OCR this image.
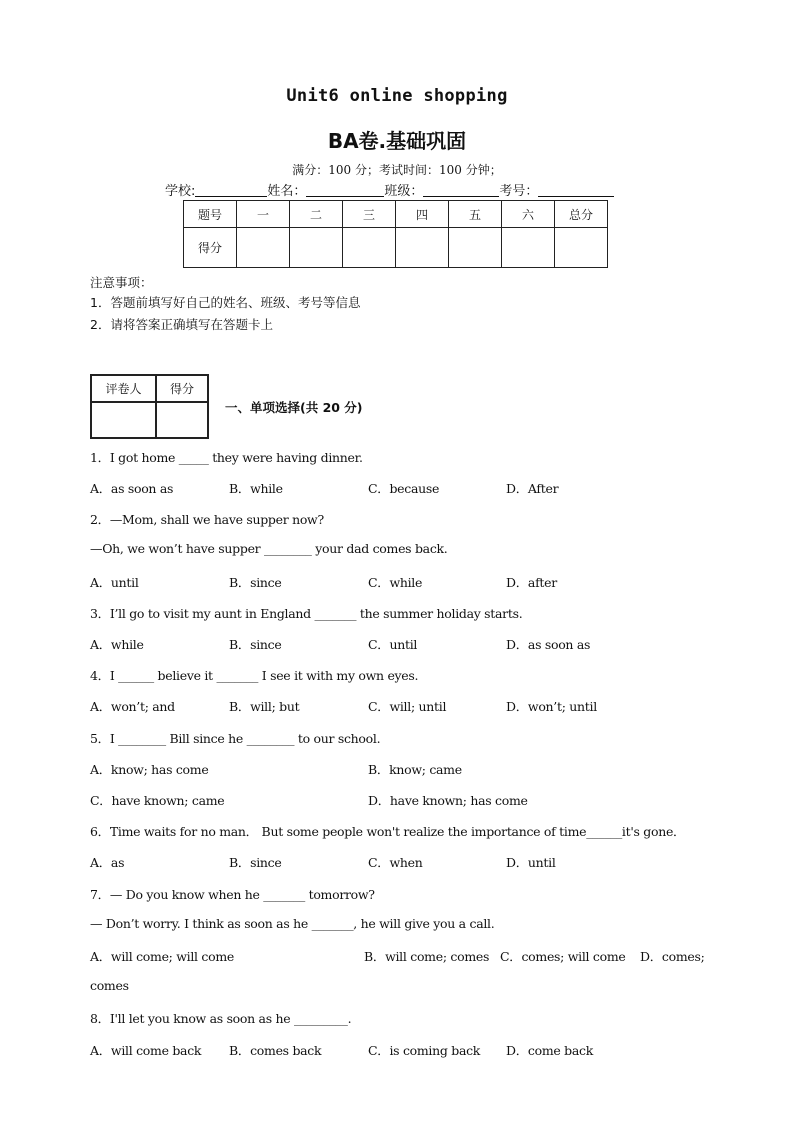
Unit6 online shopping
BA卷.基础巩固
满分：100 分；考试时间：100 分钟；
学校:	姓名：	班级：	考号：
题号	一	二	三	四	五	六	总分
得分							
注意事项：
1．答题前填写好自己的姓名、班级、考号等信息
2．请将答案正确填写在答题卡上
评卷人	得分

一、单项选择(共 20 分)
1．I got home _____ they were having dinner.
A．as soon as	B．while	C．because	D．After
2．—Mom, shall we have supper now?
—Oh, we won’t have supper ________ your dad comes back.
A．until	B．since	C．while	D．after
3．I’ll go to visit my aunt in England _______ the summer holiday starts.
A．while	B．since	C．until	D．as soon as
4．I ______ believe it _______ I see it with my own eyes.
A．won’t; and	B．will; but	C．will; until	D．won’t; until
5．I ________ Bill since he ________ to our school.
A．know; has come	B．know; came
C．have known; came	D．have known; has come
6．Time waits for no man． But some people won't realize the importance of time______it's gone．
A．as	B．since	C．when	D．until
7．— Do you know when he _______ tomorrow?
— Don’t worry. I think as soon as he _______, he will give you a call.
A．will come; will come	B．will come; comes C．comes; will come D．comes;
comes
8．I'll let you know as soon as he _________.
A．will come back B．comes back	C．is coming back D．come back
